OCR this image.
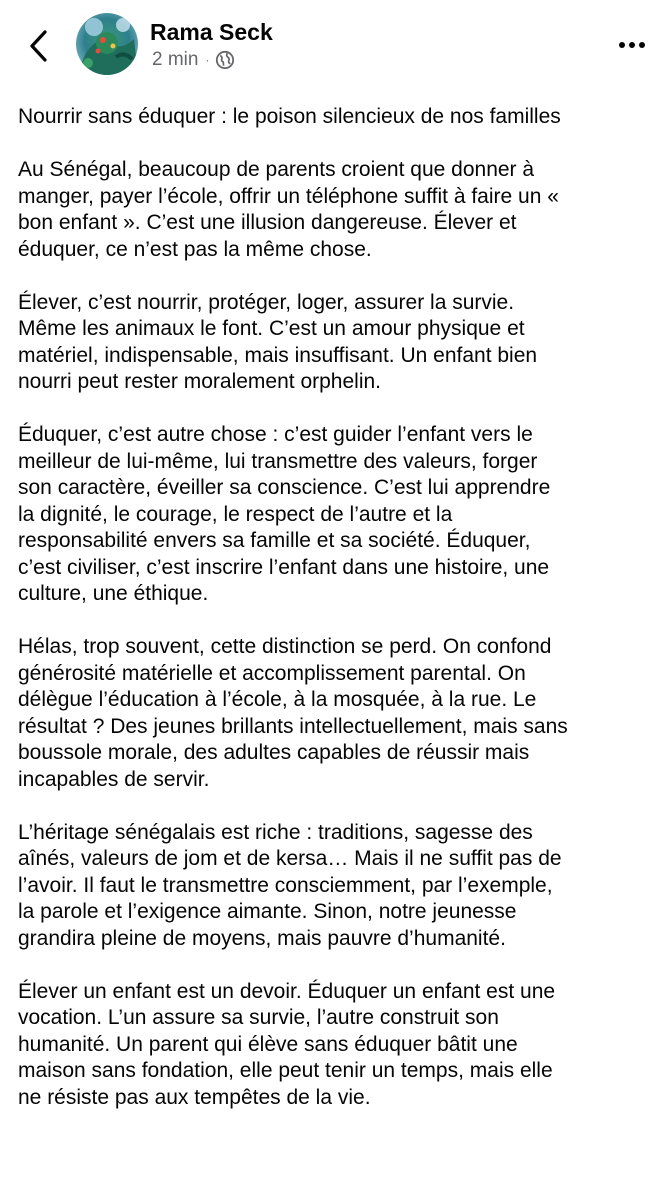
Rama Seck
2 min ·

Nourrir sans éduquer : le poison silencieux de nos familles

Au Sénégal, beaucoup de parents croient que donner à
manger, payer l’école, offrir un téléphone suffit à faire un «
bon enfant ». C’est une illusion dangereuse. Élever et
éduquer, ce n’est pas la même chose.

Élever, c’est nourrir, protéger, loger, assurer la survie.
Même les animaux le font. C’est un amour physique et
matériel, indispensable, mais insuffisant. Un enfant bien
nourri peut rester moralement orphelin.

Éduquer, c’est autre chose : c’est guider l’enfant vers le
meilleur de lui-même, lui transmettre des valeurs, forger
son caractère, éveiller sa conscience. C’est lui apprendre
la dignité, le courage, le respect de l’autre et la
responsabilité envers sa famille et sa société. Éduquer,
c’est civiliser, c’est inscrire l’enfant dans une histoire, une
culture, une éthique.

Hélas, trop souvent, cette distinction se perd. On confond
générosité matérielle et accomplissement parental. On
délègue l’éducation à l’école, à la mosquée, à la rue. Le
résultat ? Des jeunes brillants intellectuellement, mais sans
boussole morale, des adultes capables de réussir mais
incapables de servir.

L’héritage sénégalais est riche : traditions, sagesse des
aînés, valeurs de jom et de kersa… Mais il ne suffit pas de
l’avoir. Il faut le transmettre consciemment, par l’exemple,
la parole et l’exigence aimante. Sinon, notre jeunesse
grandira pleine de moyens, mais pauvre d’humanité.

Élever un enfant est un devoir. Éduquer un enfant est une
vocation. L’un assure sa survie, l’autre construit son
humanité. Un parent qui élève sans éduquer bâtit une
maison sans fondation, elle peut tenir un temps, mais elle
ne résiste pas aux tempêtes de la vie.
